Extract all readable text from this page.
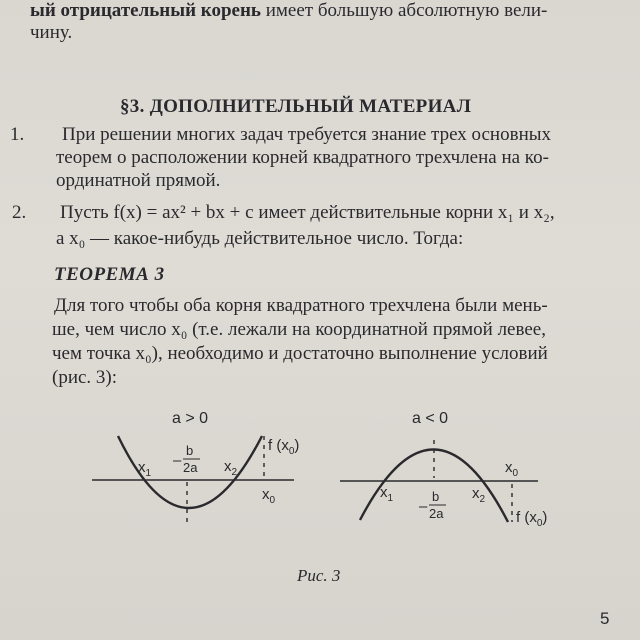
ый отрицательный корень имеет большую абсолютную вели-
чину.
§3. ДОПОЛНИТЕЛЬНЫЙ МАТЕРИАЛ
1. При решении многих задач требуется знание трех основных
теорем о расположении корней квадратного трехчлена на ко-
ординатной прямой.
2. Пусть f(x) = ax² + bx + c имеет действительные корни x₁ и x₂,
а x₀ — какое-нибудь действительное число. Тогда:
ТЕОРЕМА 3
Для того чтобы оба корня квадратного трехчлена были мень-
ше, чем число x₀ (т.е. лежали на координатной прямой левее,
чем точка x₀), необходимо и достаточно выполнение условий
(рис. 3):
a > 0	a < 0
$x_1$	$x_2$
$x_0$
–
b
2a
f $(x_0)$
$x_1$	$x_2$
$x_0$
–
b
2a	f $(x_0)$
Рис. 3
5
